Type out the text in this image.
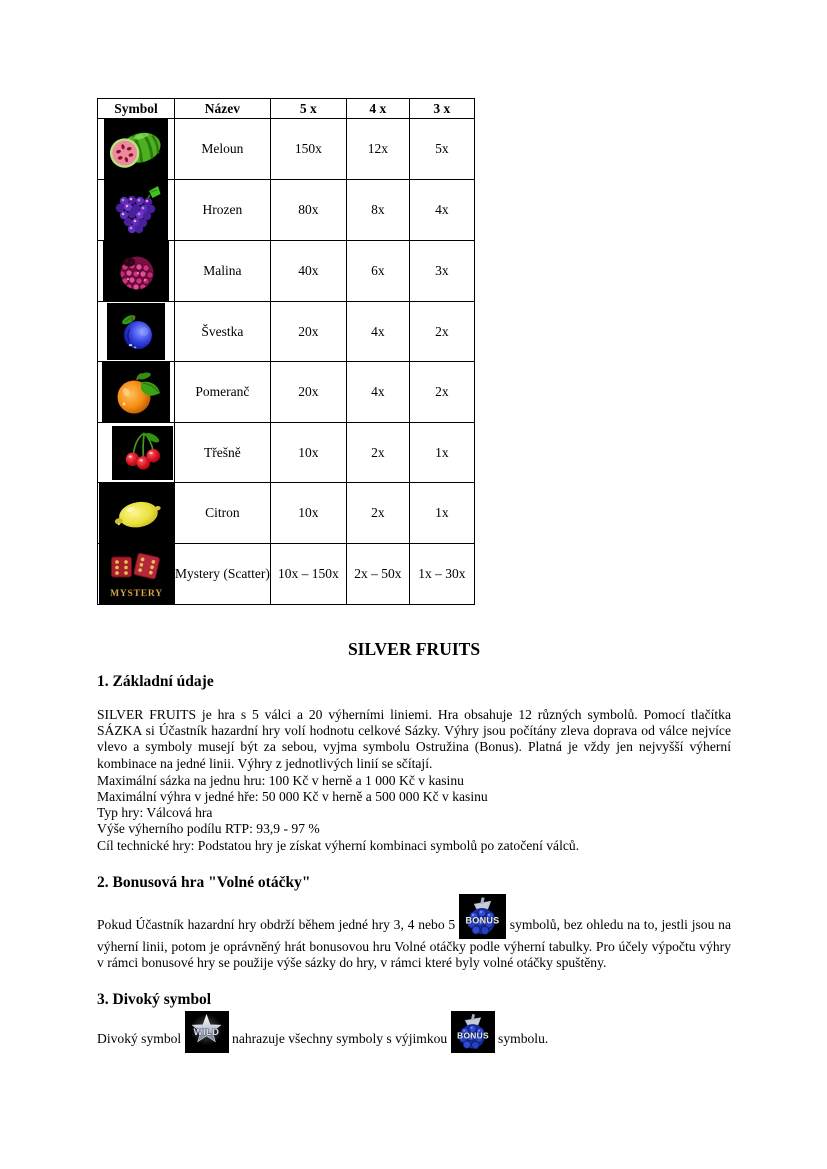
Symbol	Název	5 x	4 x	3 x

	Meloun	150x	12x	5x

	Hrozen	80x	8x	4x

	Malina	40x	6x	3x

	Švestka	20x	4x	2x

	Pomeranč	20x	4x	2x

	Třešně	10x	2x	1x

	Citron	10x	2x	1x

	Mystery (Scatter)	10x – 150x	2x – 50x	1x – 30x
SILVER FRUITS
1. Základní údaje

SILVER FRUITS je hra s 5 válci a 20 výherními liniemi. Hra obsahuje 12 různých symbolů. Pomocí tlačítka SÁZKA si Účastník hazardní hry volí hodnotu celkové Sázky. Výhry jsou počítány zleva doprava od válce nejvíce vlevo a symboly musejí být za sebou, vyjma symbolu Ostružina (Bonus). Platná je vždy jen nejvyšší výherní kombinace na jedné linii. Výhry z jednotlivých linií se sčítají.

Maximální sázka na jednu hru: 100 Kč v herně a 1 000 Kč v kasinu
Maximální výhra v jedné hře: 50 000 Kč v herně a 500 000 Kč v kasinu
Typ hry: Válcová hra
Výše výherního podílu RTP: 93,9 - 97 %
Cíl technické hry: Podstatou hry je získat výherní kombinaci symbolů po zatočení válců.
2. Bonusová hra "Volné otáčky"

Pokud Účastník hazardní hry obdrží během jedné hry 3, 4 nebo 5	symbolů, bez ohledu na to, jestli jsou na výherní linii, potom je oprávněný hrát bonusovou hru Volné otáčky podle výherní tabulky. Pro účely výpočtu výhry v rámci bonusové hry se použije výše sázky do hry, v rámci které byly volné otáčky spuštěny.

3. Divoký symbol

Divoký symbol	nahrazuje všechny symboly s výjimkou	symbolu.
